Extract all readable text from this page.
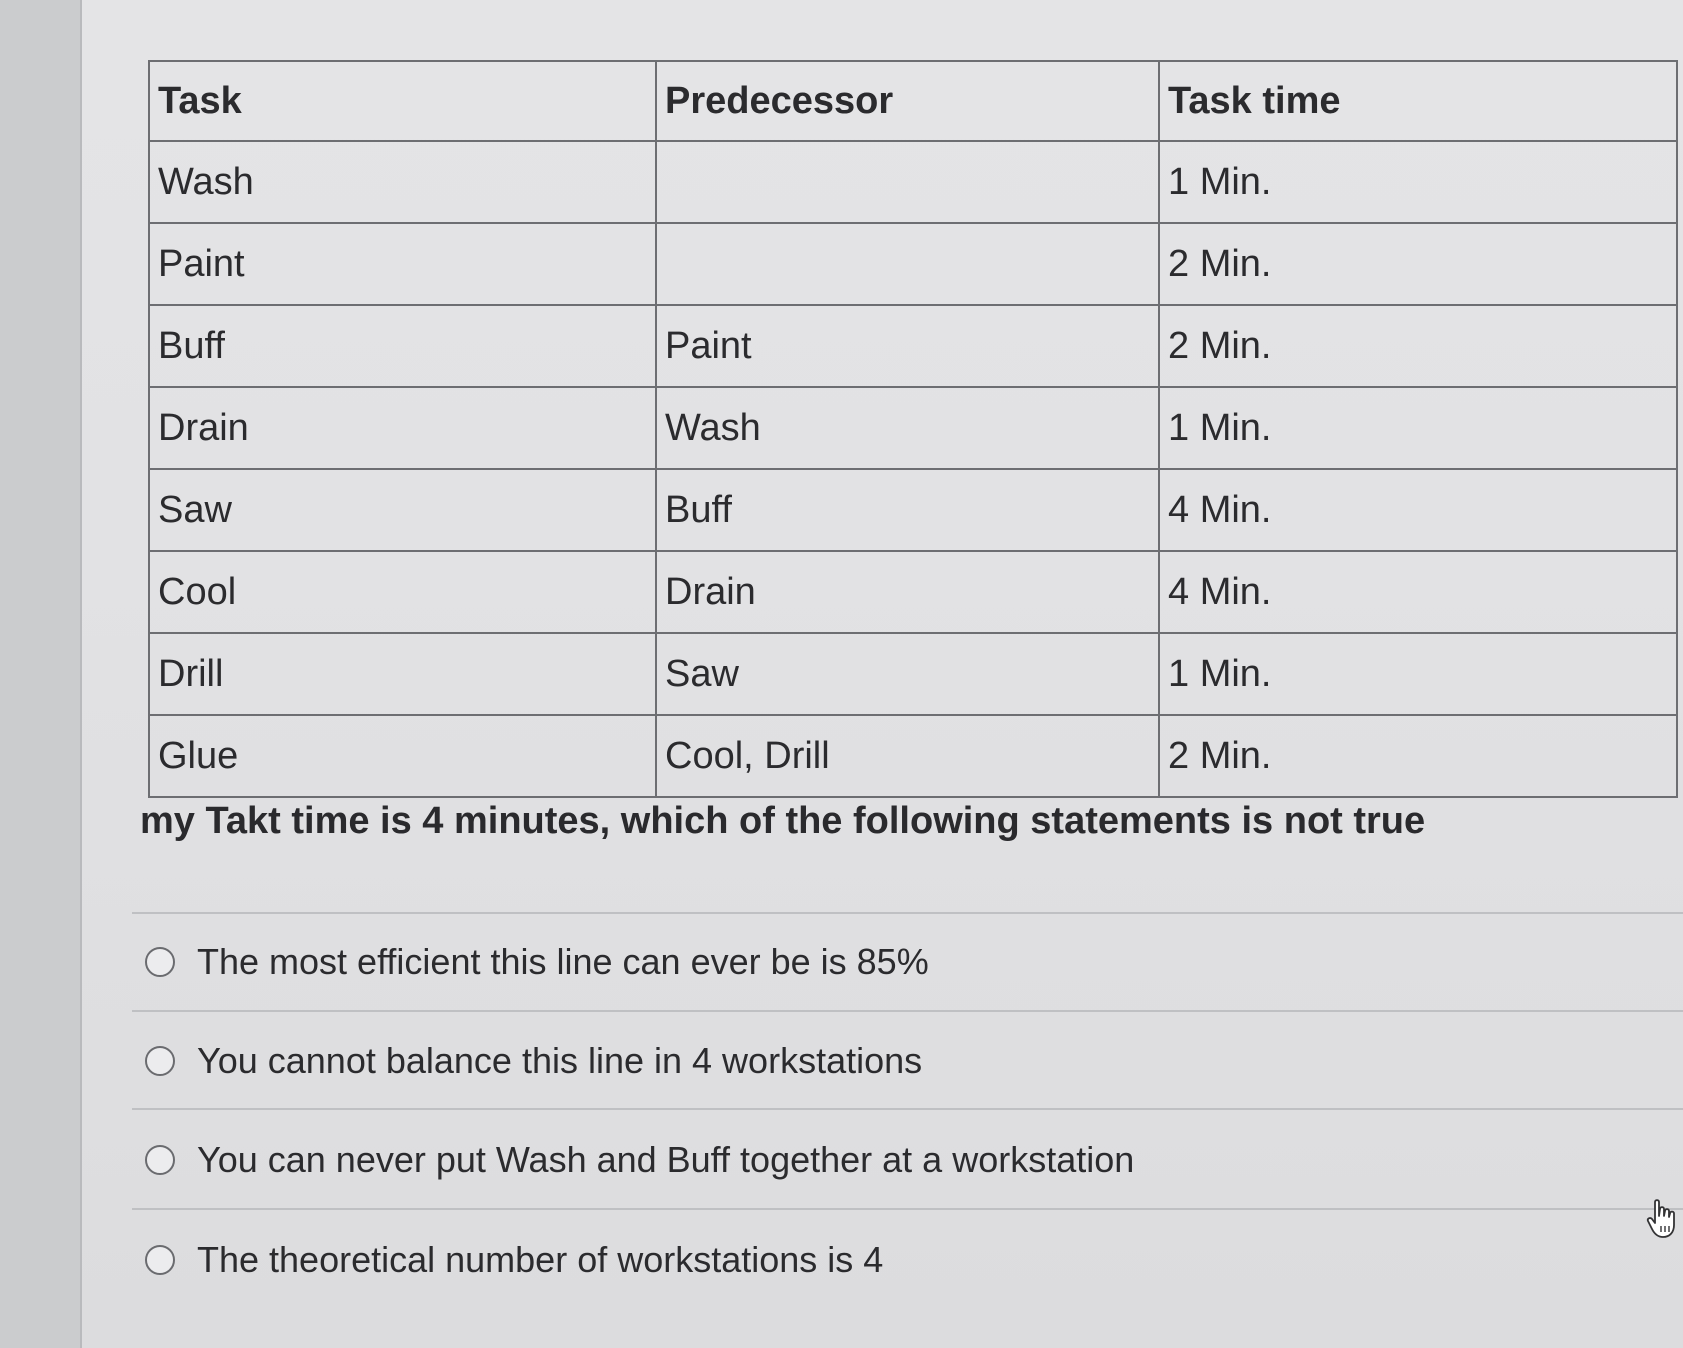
Task	Predecessor	Task time
Wash		1 Min.
Paint		2 Min.
Buff	Paint	2 Min.
Drain	Wash	1 Min.
Saw	Buff	4 Min.
Cool	Drain	4 Min.
Drill	Saw	1 Min.
Glue	Cool, Drill	2 Min.
my Takt time is 4 minutes, which of the following statements is not true
The most efficient this line can ever be is 85%
You cannot balance this line in 4 workstations
You can never put Wash and Buff together at a workstation
The theoretical number of workstations is 4
